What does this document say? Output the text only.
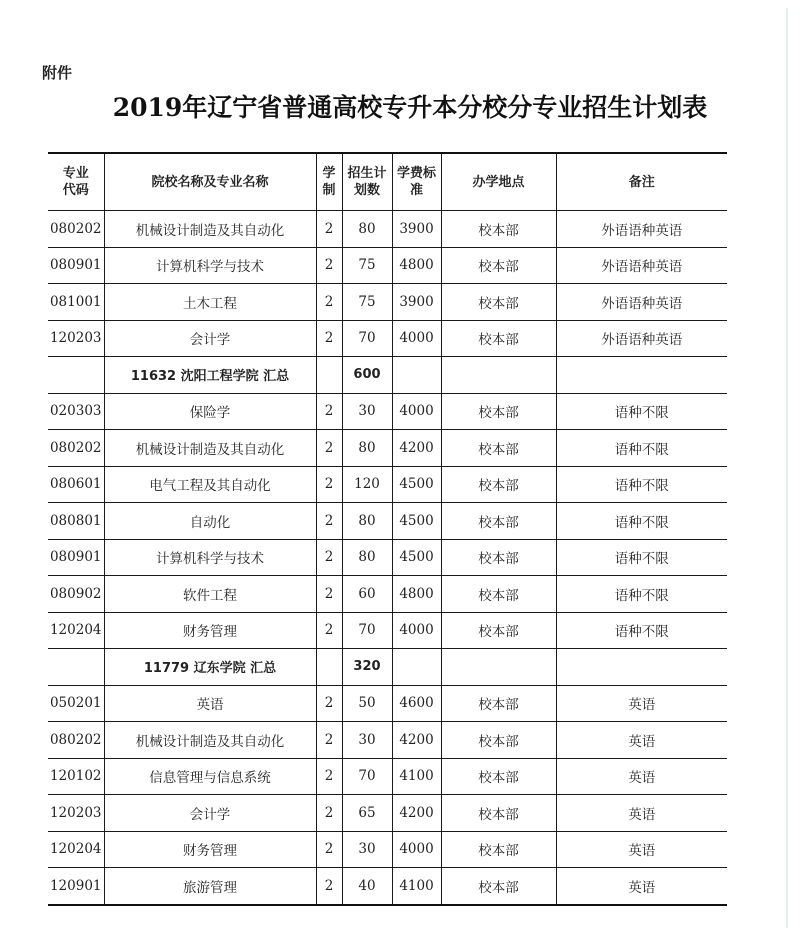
附件
2019年辽宁省普通高校专升本分校分专业招生计划表
专业代码	院校名称及专业名称	学制	招生计划数	学费标准	办学地点	备注
080202	机械设计制造及其自动化	2	80	3900	校本部	外语语种英语
080901	计算机科学与技术	2	75	4800	校本部	外语语种英语
081001	土木工程	2	75	3900	校本部	外语语种英语
120203	会计学	2	70	4000	校本部	外语语种英语
	11632 沈阳工程学院 汇总		600			
020303	保险学	2	30	4000	校本部	语种不限
080202	机械设计制造及其自动化	2	80	4200	校本部	语种不限
080601	电气工程及其自动化	2	120	4500	校本部	语种不限
080801	自动化	2	80	4500	校本部	语种不限
080901	计算机科学与技术	2	80	4500	校本部	语种不限
080902	软件工程	2	60	4800	校本部	语种不限
120204	财务管理	2	70	4000	校本部	语种不限
	11779 辽东学院 汇总		320			
050201	英语	2	50	4600	校本部	英语
080202	机械设计制造及其自动化	2	30	4200	校本部	英语
120102	信息管理与信息系统	2	70	4100	校本部	英语
120203	会计学	2	65	4200	校本部	英语
120204	财务管理	2	30	4000	校本部	英语
120901	旅游管理	2	40	4100	校本部	英语
